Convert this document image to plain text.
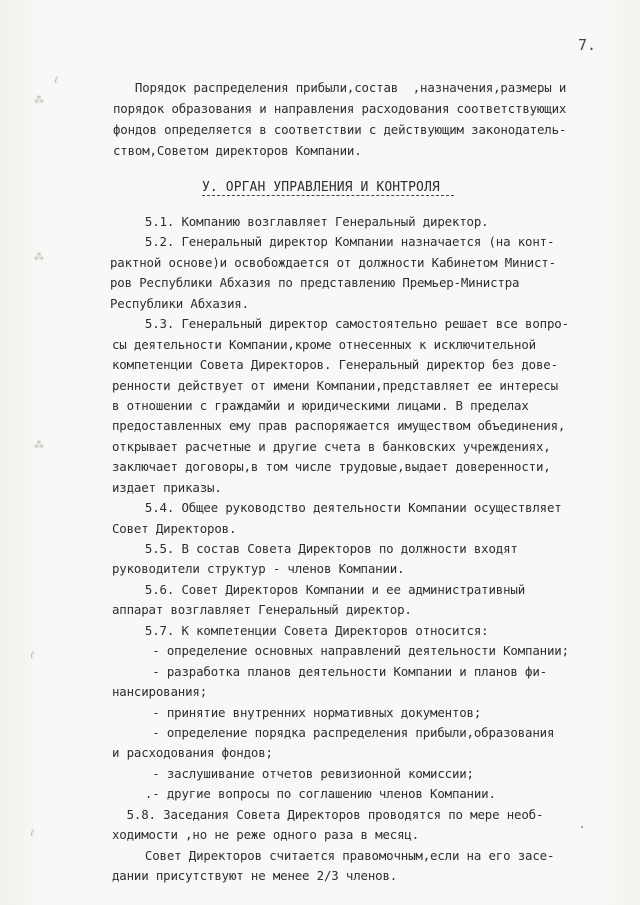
7.
⁂
ℓ
⁂
⁂
ℓ
ℓ
Порядок распределения прибыли,состав  ,назначения,размеры и
порядок образования и направления расходования соответствующих
фондов определяется в соответствии с действующим законодатель-
ством,Советом директоров Компании.
У. ОРГАН УПРАВЛЕНИЯ И КОНТРОЛЯ
5.1. Компанию возглавляет Генеральный директор.
5.2. Генеральный директор Компании назначается (на конт-
рактной основе)и освобождается от должности Кабинетом Минист-
ров Республики Абхазия по представлению Премьер-Министра
Республики Абхазия.
5.3. Генеральный директор самостоятельно решает все вопро-
сы деятельности Компании,кроме отнесенных к исключительной
компетенции Совета Директоров. Генеральный директор без дове-
ренности действует от имени Компании,представляет ее интересы
в отношении с граждамйи и юридическими лицами. В пределах
предоставленных ему прав распоряжается имуществом объединения,
открывает расчетные и другие счета в банковских учреждениях,
заключает договоры,в том числе трудовые,выдает доверенности,
издает приказы.
5.4. Общее руководство деятельности Компании осуществляет
Совет Директоров.
5.5. В состав Совета Директоров по должности входят
руководители структур - членов Компании.
5.6. Совет Директоров Компании и ее административный
аппарат возглавляет Генеральный директор.
5.7. К компетенции Совета Директоров относится:
- определение основных направлений деятельности Компании;
- разработка планов деятельности Компании и планов фи-
нансирования;
- принятие внутренних нормативных документов;
- определение порядка распределения прибыли,образования
и расходования фондов;
- заслушивание отчетов ревизионной комиссии;
.- другие вопросы по соглашению членов Компании.
5.8. Заседания Совета Директоров проводятся по мере необ-
ходимости ,но не реже одного раза в месяц.
Совет Директоров считается правомочным,если на его засе-
дании присутствуют не менее 2/3 членов.
